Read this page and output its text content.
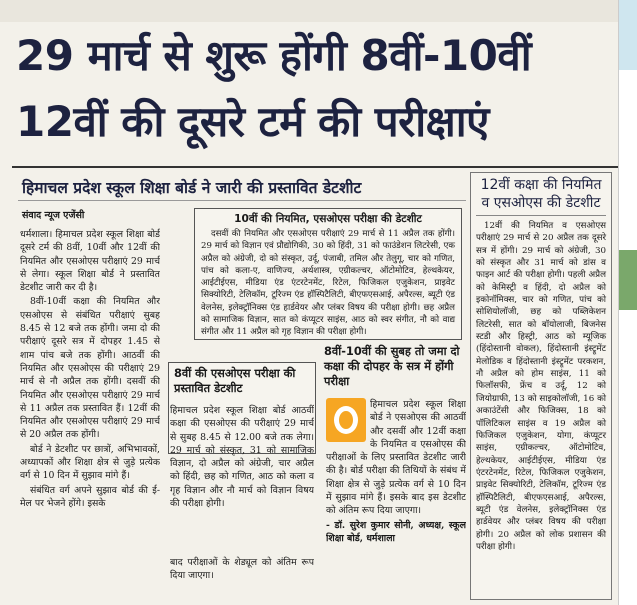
29 मार्च से शुरू होंगी 8वीं-10वीं
12वीं की दूसरे टर्म की परीक्षाएं
हिमाचल प्रदेश स्कूल शिक्षा बोर्ड ने जारी की प्रस्तावित डेटशीट
संवाद न्यूज एजेंसी

धर्मशाला। हिमाचल प्रदेश स्कूल शिक्षा बोर्ड दूसरे टर्म की 8वीं, 10वीं और 12वीं की नियमित और एसओएस परीक्षाएं 29 मार्च से लेगा। स्कूल शिक्षा बोर्ड ने प्रस्तावित डेटशीट जारी कर दी है।

8वीं-10वीं कक्षा की नियमित और एसओएस से संबंधित परीक्षाएं सुबह 8.45 से 12 बजे तक होंगी। जमा दो की परीक्षाएं दूसरे सत्र में दोपहर 1.45 से शाम पांच बजे तक होंगी। आठवीं की नियमित और एसओएस की परीक्षाएं 29 मार्च से नौ अप्रैल तक होंगी। दसवीं की नियमित और एसओएस परीक्षाएं 29 मार्च से 11 अप्रैल तक प्रस्तावित हैं। 12वीं की नियमित और एसओएस परीक्षाएं 29 मार्च से 20 अप्रैल तक होंगी।

बोर्ड ने डेटशीट पर छात्रों, अभिभावकों, अध्यापकों और शिक्षा क्षेत्र से जुड़े प्रत्येक वर्ग से 10 दिन में सुझाव मांगे हैं।

संबंधित वर्ग अपने सुझाव बोर्ड की ई-मेल पर भेजने होंगे। इसके

10वीं की नियमित, एसओएस परीक्षा की डेटशीट
दसवीं की नियमित और एसओएस परीक्षाएं 29 मार्च से 11 अप्रैल तक होंगी। 29 मार्च को विज्ञान एवं प्रौद्योगिकी, 30 को हिंदी, 31 को फाउंडेशन लिटरेसी, एक अप्रैल को अंग्रेजी, दो को संस्कृत, उर्दू, पंजाबी, तमिल और तेलुगू, चार को गणित, पांच को कला-ए, वाणिज्य, अर्थशास्त्र, एग्रीकल्चर, ऑटोमोटिव, हेल्थकेयर, आईटीईएस, मीडिया एंड एंटरटेनमेंट, रिटेल, फिजिकल एजुकेशन, प्राइवेट सिक्योरिटी, टेलिकॉम, टूरिज्म एंड हॉस्पिटैलिटी, बीएफएसआई, अपैरल्स, ब्यूटी एंड वेलनेस, इलेक्ट्रॉनिक्स एंड हार्डवेयर और प्लंबर विषय की परीक्षा होगी। छह अप्रैल को सामाजिक विज्ञान, सात को कंप्यूटर साइंस, आठ को स्वर संगीत, नौ को वाद्य संगीत और 11 अप्रैल को गृह विज्ञान की परीक्षा होगी।
8वीं की एसओएस परीक्षा की प्रस्तावित डेटशीट

हिमाचल प्रदेश स्कूल शिक्षा बोर्ड आठवीं कक्षा की एसओएस की परीक्षाएं 29 मार्च से सुबह 8.45 से 12.00 बजे तक लेगा। 29 मार्च को संस्कृत, 31 को सामाजिक विज्ञान, दो अप्रैल को अंग्रेजी, चार अप्रैल को हिंदी, छह को गणित, आठ को कला व गृह विज्ञान और नौ मार्च को विज्ञान विषय की परीक्षा होगी।

बाद परीक्षाओं के शेड्यूल को अंतिम रूप दिया जाएगा।

8वीं-10वीं की सुबह तो जमा दो कक्षा की दोपहर के सत्र में होंगी परीक्षा

हिमाचल प्रदेश स्कूल शिक्षा बोर्ड ने एसओएस की आठवीं और दसवीं और 12वीं कक्षा के नियमित व एसओएस की परीक्षाओं के लिए प्रस्तावित डेटशीट जारी की है। बोर्ड परीक्षा की तिथियों के संबंध में शिक्षा क्षेत्र से जुड़े प्रत्येक वर्ग से 10 दिन में सुझाव मांगे हैं। इसके बाद इस डेटशीट को अंतिम रूप दिया जाएगा।

- डॉ. सुरेश कुमार सोनी, अध्यक्ष, स्कूल शिक्षा बोर्ड, धर्मशाला

12वीं कक्षा की नियमित व एसओएस की डेटशीट
12वीं की नियमित व एसओएस परीक्षाएं 29 मार्च से 20 अप्रैल तक दूसरे सत्र में होंगी। 29 मार्च को अंग्रेजी, 30 को संस्कृत और 31 मार्च को डांस व फाइन आर्ट की परीक्षा होगी। पहली अप्रैल को केमिस्ट्री व हिंदी, दो अप्रैल को इकोनॉमिक्स, चार को गणित, पांच को सोशियोलॉजी, छह को पब्लिकेशन लिटरेसी, सात को बॉयोलाजी, बिजनेस स्टडी और हिस्ट्री, आठ को म्यूजिक (हिंदोस्तानी वोकल), हिंदोस्तानी इंस्ट्रूमेंट मेलोडिक व हिंदोस्तानी इंस्ट्रूमेंट परकशन, नौ अप्रैल को होम साइंस, 11 को फिलॉसफी, फ्रेंच व उर्दू, 12 को जियोग्राफी, 13 को साइकोलॉजी, 16 को अकाउंटेंसी और फिजिक्स, 18 को पॉलिटिकल साइंस व 19 अप्रैल को फिजिकल एजुकेशन, योगा, कंप्यूटर साइंस, एग्रीकल्चर, ऑटोमोटिव, हेल्थकेयर, आईटीईएस, मीडिया एंड एंटरटेनमेंट, रिटेल, फिजिकल एजुकेशन, प्राइवेट सिक्योरिटी, टेलिकॉम, टूरिज्म एंड हॉस्पिटैलिटी, बीएफएसआई, अपैरल्स, ब्यूटी एंड वेलनेस, इलेक्ट्रॉनिक्स एंड हार्डवेयर और प्लंबर विषय की परीक्षा होगी। 20 अप्रैल को लोक प्रशासन की परीक्षा होगी।
